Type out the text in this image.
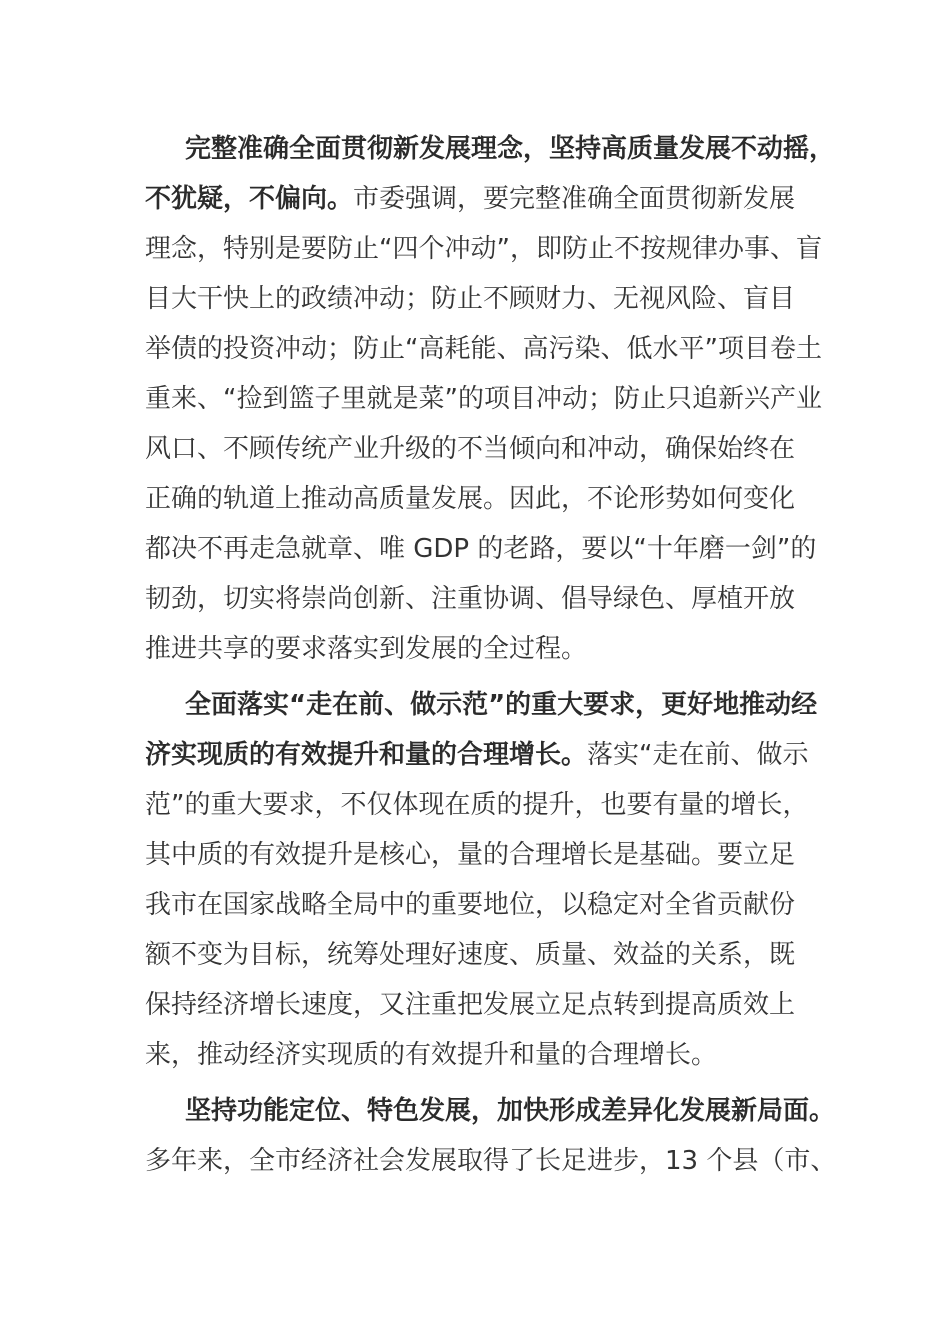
完整准确全面贯彻新发展理念，坚持高质量发展不动摇，
不犹疑，不偏向。市委强调，要完整准确全面贯彻新发展
理念，特别是要防止“四个冲动”，即防止不按规律办事、盲
目大干快上的政绩冲动；防止不顾财力、无视风险、盲目
举债的投资冲动；防止“高耗能、高污染、低水平”项目卷土
重来、“捡到篮子里就是菜”的项目冲动；防止只追新兴产业
风口、不顾传统产业升级的不当倾向和冲动，确保始终在
正确的轨道上推动高质量发展。因此，不论形势如何变化
都决不再走急就章、唯 GDP 的老路，要以“十年磨一剑”的
韧劲，切实将崇尚创新、注重协调、倡导绿色、厚植开放
推进共享的要求落实到发展的全过程。
全面落实“走在前、做示范”的重大要求，更好地推动经
济实现质的有效提升和量的合理增长。落实“走在前、做示
范”的重大要求，不仅体现在质的提升，也要有量的增长，
其中质的有效提升是核心，量的合理增长是基础。要立足
我市在国家战略全局中的重要地位，以稳定对全省贡献份
额不变为目标，统筹处理好速度、质量、效益的关系，既
保持经济增长速度，又注重把发展立足点转到提高质效上
来，推动经济实现质的有效提升和量的合理增长。
坚持功能定位、特色发展，加快形成差异化发展新局面。
多年来，全市经济社会发展取得了长足进步，13 个县（市、
